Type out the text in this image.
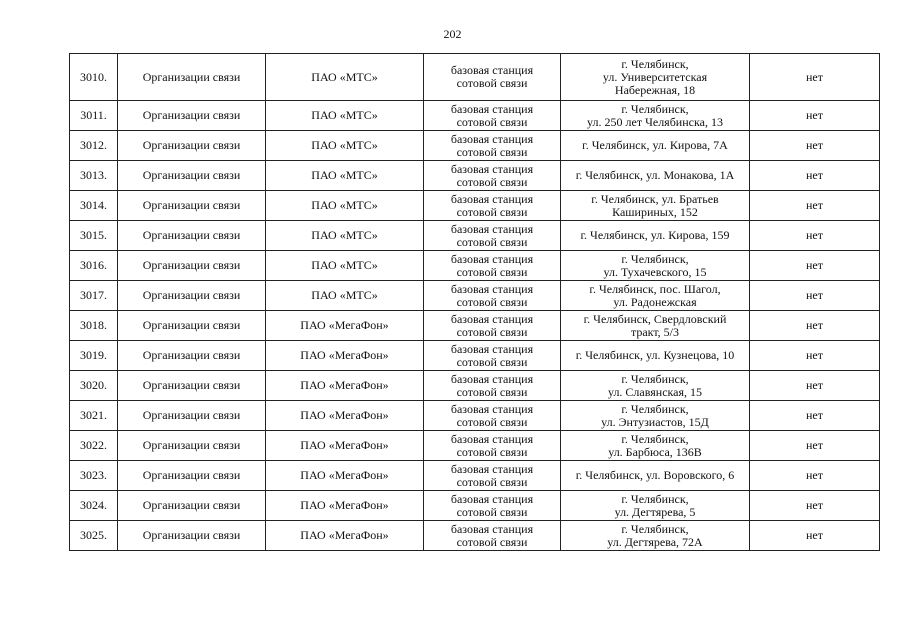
202
3010.	Организации связи	ПАО «МТС»	базовая станция
сотовой связи	г. Челябинск,
ул. Университетская
Набережная, 18	нет
3011.	Организации связи	ПАО «МТС»	базовая станция
сотовой связи	г. Челябинск,
ул. 250 лет Челябинска, 13	нет
3012.	Организации связи	ПАО «МТС»	базовая станция
сотовой связи	г. Челябинск, ул. Кирова, 7А	нет
3013.	Организации связи	ПАО «МТС»	базовая станция
сотовой связи	г. Челябинск, ул. Монакова, 1А	нет
3014.	Организации связи	ПАО «МТС»	базовая станция
сотовой связи	г. Челябинск, ул. Братьев
Кашириных, 152	нет
3015.	Организации связи	ПАО «МТС»	базовая станция
сотовой связи	г. Челябинск, ул. Кирова, 159	нет
3016.	Организации связи	ПАО «МТС»	базовая станция
сотовой связи	г. Челябинск,
ул. Тухачевского, 15	нет
3017.	Организации связи	ПАО «МТС»	базовая станция
сотовой связи	г. Челябинск, пос. Шагол,
ул. Радонежская	нет
3018.	Организации связи	ПАО «МегаФон»	базовая станция
сотовой связи	г. Челябинск, Свердловский
тракт, 5/3	нет
3019.	Организации связи	ПАО «МегаФон»	базовая станция
сотовой связи	г. Челябинск, ул. Кузнецова, 10	нет
3020.	Организации связи	ПАО «МегаФон»	базовая станция
сотовой связи	г. Челябинск,
ул. Славянская, 15	нет
3021.	Организации связи	ПАО «МегаФон»	базовая станция
сотовой связи	г. Челябинск,
ул. Энтузиастов, 15Д	нет
3022.	Организации связи	ПАО «МегаФон»	базовая станция
сотовой связи	г. Челябинск,
ул. Барбюса, 136В	нет
3023.	Организации связи	ПАО «МегаФон»	базовая станция
сотовой связи	г. Челябинск, ул. Воровского, 6	нет
3024.	Организации связи	ПАО «МегаФон»	базовая станция
сотовой связи	г. Челябинск,
ул. Дегтярева, 5	нет
3025.	Организации связи	ПАО «МегаФон»	базовая станция
сотовой связи	г. Челябинск,
ул. Дегтярева, 72А	нет
